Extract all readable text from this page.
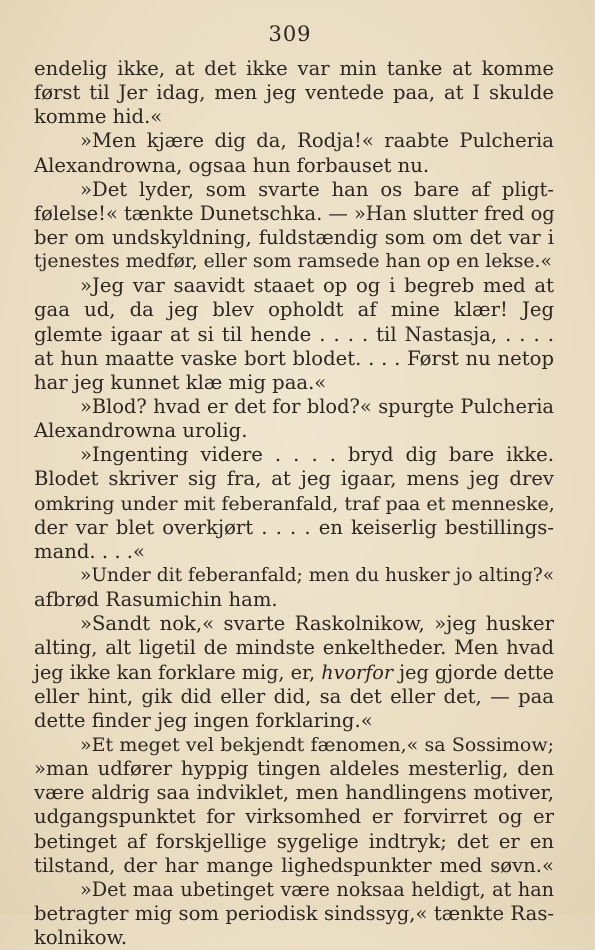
309
endelig ikke, at det ikke var min tanke at komme
først til Jer idag, men jeg ventede paa, at I skulde
komme hid.«
»Men kjære dig da, Rodja!« raabte Pulcheria
Alexandrowna, ogsaa hun forbauset nu.
»Det lyder, som svarte han os bare af pligt-
følelse!« tænkte Dunetschka. — »Han slutter fred og
ber om undskyldning, fuldstændig som om det var i
tjenestes medfør, eller som ramsede han op en lekse.«
»Jeg var saavidt staaet op og i begreb med at
gaa ud, da jeg blev opholdt af mine klær! Jeg
glemte igaar at si til hende . . . . til Nastasja, . . . .
at hun maatte vaske bort blodet. . . . Først nu netop
har jeg kunnet klæ mig paa.«
»Blod? hvad er det for blod?« spurgte Pulcheria
Alexandrowna urolig.
»Ingenting videre . . . . bryd dig bare ikke.
Blodet skriver sig fra, at jeg igaar, mens jeg drev
omkring under mit feberanfald, traf paa et menneske,
der var blet overkjørt . . . . en keiserlig bestillings-
mand. . . .«
»Under dit feberanfald; men du husker jo alting?«
afbrød Rasumichin ham.
»Sandt nok,« svarte Raskolnikow, »jeg husker
alting, alt ligetil de mindste enkeltheder. Men hvad
jeg ikke kan forklare mig, er, hvorfor jeg gjorde dette
eller hint, gik did eller did, sa det eller det, — paa
dette finder jeg ingen forklaring.«
»Et meget vel bekjendt fænomen,« sa Sossimow;
»man udfører hyppig tingen aldeles mesterlig, den
være aldrig saa indviklet, men handlingens motiver,
udgangspunktet for virksomhed er forvirret og er
betinget af forskjellige sygelige indtryk; det er en
tilstand, der har mange lighedspunkter med søvn.«
»Det maa ubetinget være noksaa heldigt, at han
betragter mig som periodisk sindssyg,« tænkte Ras-
kolnikow.
